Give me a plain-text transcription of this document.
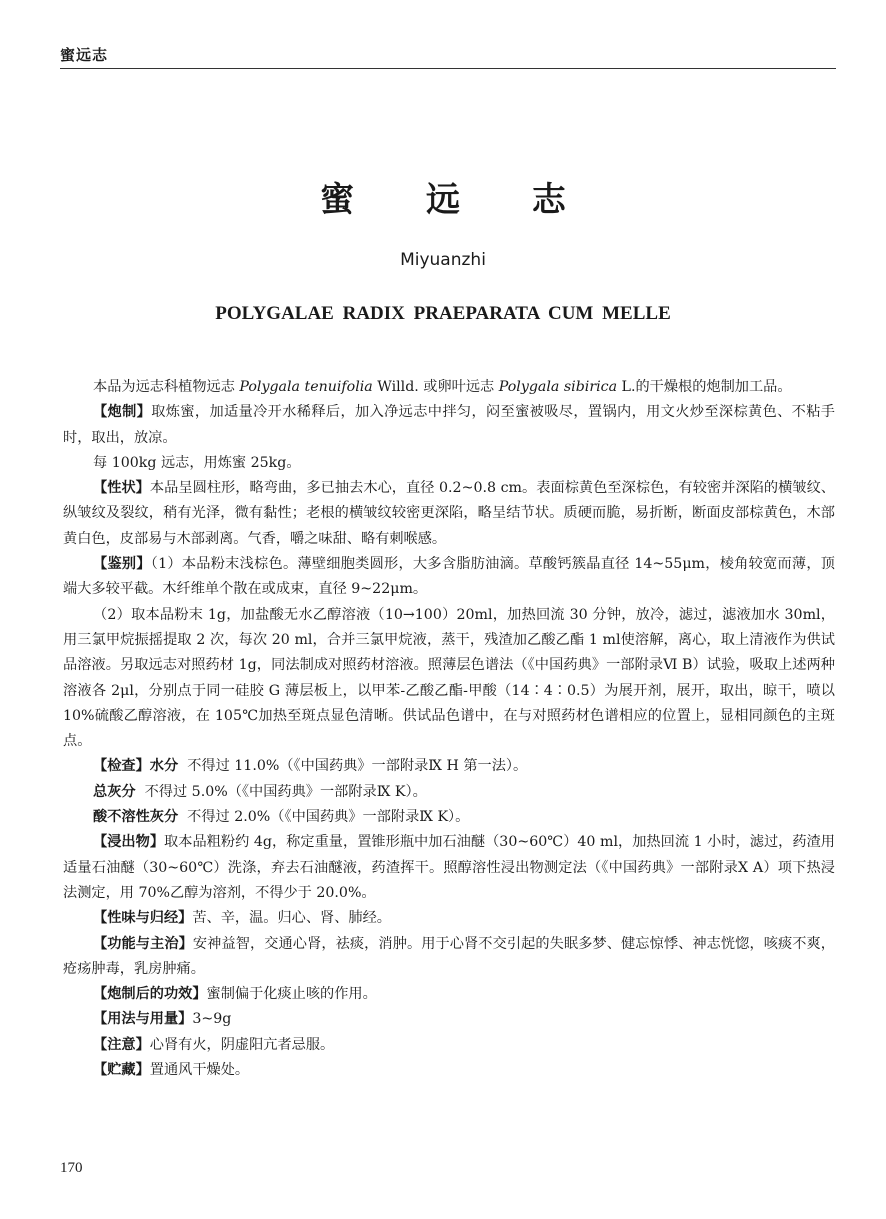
蜜远志
蜜 远 志
Miyuanzhi
POLYGALAE RADIX PRAEPARATA CUM MELLE

本品为远志科植物远志 Polygala tenuifolia Willd. 或卵叶远志 Polygala sibirica L.的干燥根的炮制加工品。

【炮制】取炼蜜，加适量冷开水稀释后，加入净远志中拌匀，闷至蜜被吸尽，置锅内，用文火炒至深棕黄色、不粘手时，取出，放凉。

每 100kg 远志，用炼蜜 25kg。

【性状】本品呈圆柱形，略弯曲，多已抽去木心，直径 0.2~0.8 cm。表面棕黄色至深棕色，有较密并深陷的横皱纹、纵皱纹及裂纹，稍有光泽，微有黏性；老根的横皱纹较密更深陷，略呈结节状。质硬而脆，易折断，断面皮部棕黄色，木部黄白色，皮部易与木部剥离。气香，嚼之味甜、略有刺喉感。

【鉴别】（1）本品粉末浅棕色。薄壁细胞类圆形，大多含脂肪油滴。草酸钙簇晶直径 14~55μm，棱角较宽而薄，顶端大多较平截。木纤维单个散在或成束，直径 9~22μm。

（2）取本品粉末 1g，加盐酸无水乙醇溶液（10→100）20ml，加热回流 30 分钟，放冷，滤过，滤液加水 30ml，用三氯甲烷振摇提取 2 次，每次 20 ml，合并三氯甲烷液，蒸干，残渣加乙酸乙酯 1 ml使溶解，离心，取上清液作为供试品溶液。另取远志对照药材 1g，同法制成对照药材溶液。照薄层色谱法（《中国药典》一部附录Ⅵ B）试验，吸取上述两种溶液各 2μl，分别点于同一硅胶 G 薄层板上，以甲苯-乙酸乙酯-甲酸（14∶4∶0.5）为展开剂，展开，取出，晾干，喷以 10%硫酸乙醇溶液，在 105℃加热至斑点显色清晰。供试品色谱中，在与对照药材色谱相应的位置上，显相同颜色的主斑点。

【检查】水分 不得过 11.0%（《中国药典》一部附录Ⅸ H 第一法）。

总灰分 不得过 5.0%（《中国药典》一部附录Ⅸ K）。

酸不溶性灰分 不得过 2.0%（《中国药典》一部附录Ⅸ K）。

【浸出物】取本品粗粉约 4g，称定重量，置锥形瓶中加石油醚（30~60℃）40 ml，加热回流 1 小时，滤过，药渣用适量石油醚（30~60℃）洗涤，弃去石油醚液，药渣挥干。照醇溶性浸出物测定法（《中国药典》一部附录Ⅹ A）项下热浸法测定，用 70%乙醇为溶剂，不得少于 20.0%。

【性味与归经】苦、辛，温。归心、肾、肺经。

【功能与主治】安神益智，交通心肾，祛痰，消肿。用于心肾不交引起的失眠多梦、健忘惊悸、神志恍惚，咳痰不爽，疮疡肿毒，乳房肿痛。

【炮制后的功效】蜜制偏于化痰止咳的作用。

【用法与用量】3~9g

【注意】心肾有火，阴虚阳亢者忌服。

【贮藏】置通风干燥处。

170
